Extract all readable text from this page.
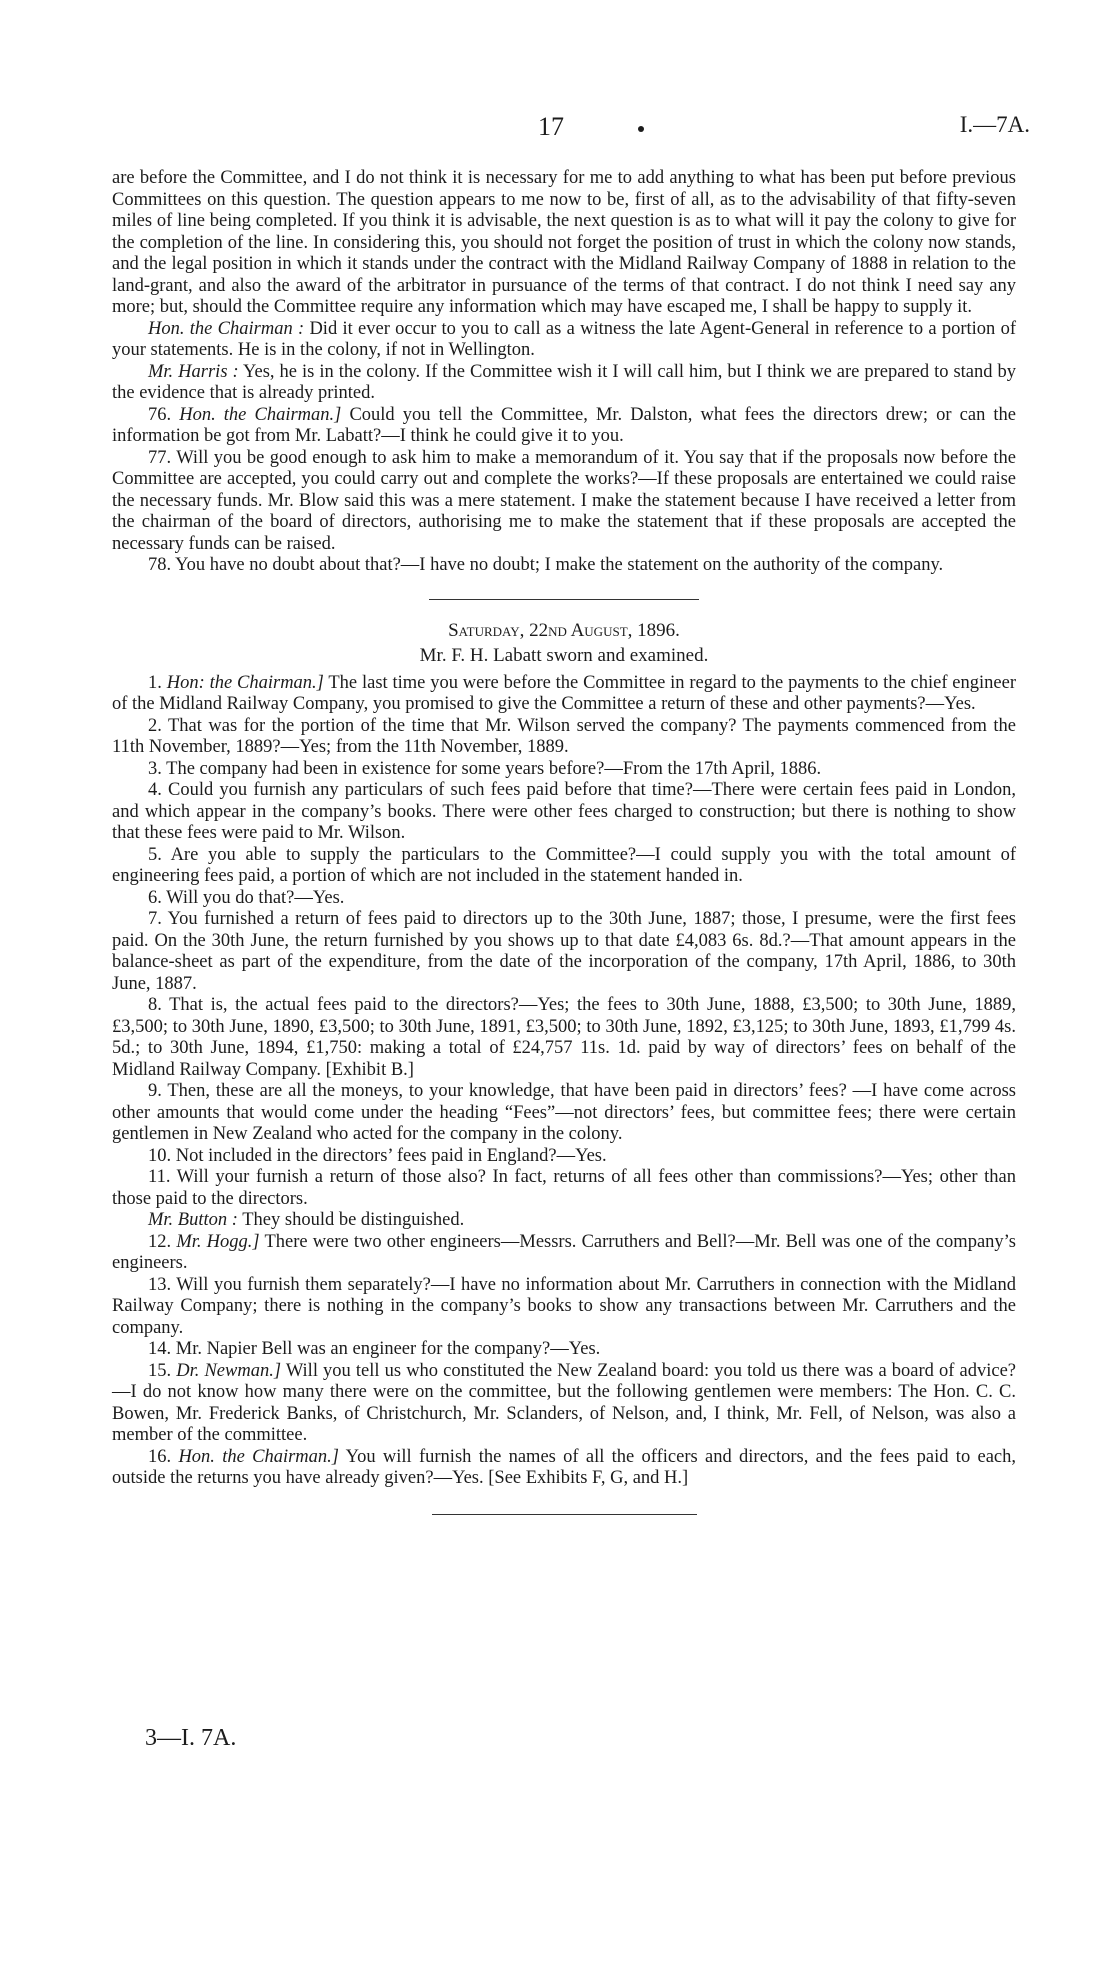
17	I.—7A.

are before the Committee, and I do not think it is necessary for me to add anything to what has been put before previous Committees on this question. The question appears to me now to be, first of all, as to the advisability of that fifty-seven miles of line being completed. If you think it is advisable, the next question is as to what will it pay the colony to give for the completion of the line. In considering this, you should not forget the position of trust in which the colony now stands, and the legal position in which it stands under the contract with the Midland Railway Company of 1888 in relation to the land-grant, and also the award of the arbitrator in pursuance of the terms of that contract. I do not think I need say any more; but, should the Committee require any information which may have escaped me, I shall be happy to supply it.

Hon. the Chairman : Did it ever occur to you to call as a witness the late Agent-General in reference to a portion of your statements. He is in the colony, if not in Wellington.

Mr. Harris : Yes, he is in the colony. If the Committee wish it I will call him, but I think we are prepared to stand by the evidence that is already printed.

76. Hon. the Chairman.] Could you tell the Committee, Mr. Dalston, what fees the directors drew; or can the information be got from Mr. Labatt?—I think he could give it to you.

77. Will you be good enough to ask him to make a memorandum of it. You say that if the proposals now before the Committee are accepted, you could carry out and complete the works?—If these proposals are entertained we could raise the necessary funds. Mr. Blow said this was a mere statement. I make the statement because I have received a letter from the chairman of the board of directors, authorising me to make the statement that if these proposals are accepted the necessary funds can be raised.

78. You have no doubt about that?—I have no doubt; I make the statement on the authority of the company.

Saturday, 22nd August, 1896.
Mr. F. H. Labatt sworn and examined.

1. Hon: the Chairman.] The last time you were before the Committee in regard to the payments to the chief engineer of the Midland Railway Company, you promised to give the Committee a return of these and other payments?—Yes.

2. That was for the portion of the time that Mr. Wilson served the company? The payments commenced from the 11th November, 1889?—Yes; from the 11th November, 1889.

3. The company had been in existence for some years before?—From the 17th April, 1886.

4. Could you furnish any particulars of such fees paid before that time?—There were certain fees paid in London, and which appear in the company’s books. There were other fees charged to construction; but there is nothing to show that these fees were paid to Mr. Wilson.

5. Are you able to supply the particulars to the Committee?—I could supply you with the total amount of engineering fees paid, a portion of which are not included in the statement handed in.

6. Will you do that?—Yes.

7. You furnished a return of fees paid to directors up to the 30th June, 1887; those, I presume, were the first fees paid. On the 30th June, the return furnished by you shows up to that date £4,083 6s. 8d.?—That amount appears in the balance-sheet as part of the expenditure, from the date of the incorporation of the company, 17th April, 1886, to 30th June, 1887.

8. That is, the actual fees paid to the directors?—Yes; the fees to 30th June, 1888, £3,500; to 30th June, 1889, £3,500; to 30th June, 1890, £3,500; to 30th June, 1891, £3,500; to 30th June, 1892, £3,125; to 30th June, 1893, £1,799 4s. 5d.; to 30th June, 1894, £1,750: making a total of £24,757 11s. 1d. paid by way of directors’ fees on behalf of the Midland Railway Company. [Exhibit B.]

9. Then, these are all the moneys, to your knowledge, that have been paid in directors’ fees? —I have come across other amounts that would come under the heading “Fees”—not directors’ fees, but committee fees; there were certain gentlemen in New Zealand who acted for the company in the colony.

10. Not included in the directors’ fees paid in England?—Yes.

11. Will your furnish a return of those also? In fact, returns of all fees other than commissions?—Yes; other than those paid to the directors.

Mr. Button : They should be distinguished.

12. Mr. Hogg.] There were two other engineers—Messrs. Carruthers and Bell?—Mr. Bell was one of the company’s engineers.

13. Will you furnish them separately?—I have no information about Mr. Carruthers in connection with the Midland Railway Company; there is nothing in the company’s books to show any transactions between Mr. Carruthers and the company.

14. Mr. Napier Bell was an engineer for the company?—Yes.

15. Dr. Newman.] Will you tell us who constituted the New Zealand board: you told us there was a board of advice?—I do not know how many there were on the committee, but the following gentlemen were members: The Hon. C. C. Bowen, Mr. Frederick Banks, of Christchurch, Mr. Sclanders, of Nelson, and, I think, Mr. Fell, of Nelson, was also a member of the committee.

16. Hon. the Chairman.] You will furnish the names of all the officers and directors, and the fees paid to each, outside the returns you have already given?—Yes. [See Exhibits F, G, and H.]

3—I. 7A.
